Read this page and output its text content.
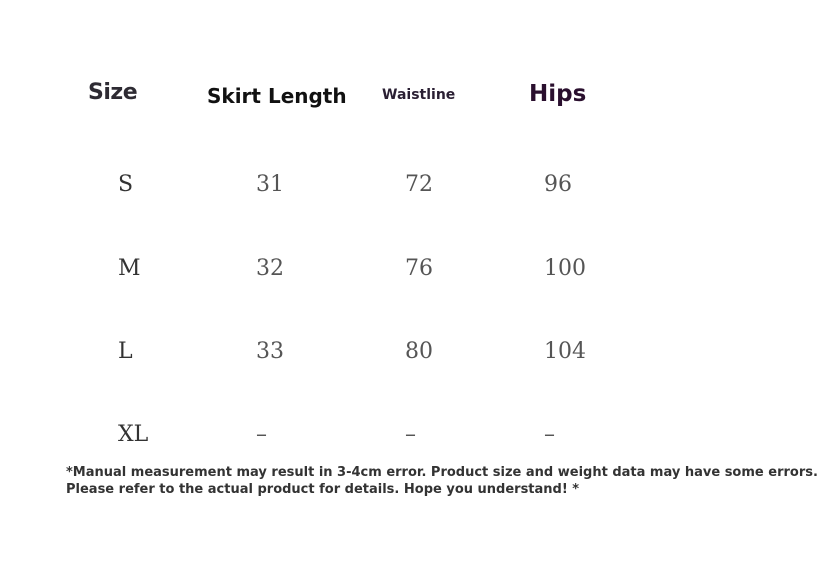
Size	Skirt Length	Waistline	Hips
S	31	72	96
M	32	76	100
L	33	80	104
XL	–	–	–
*Manual measurement may result in 3-4cm error. Product size and weight data may have some errors.
Please refer to the actual product for details. Hope you understand! *
